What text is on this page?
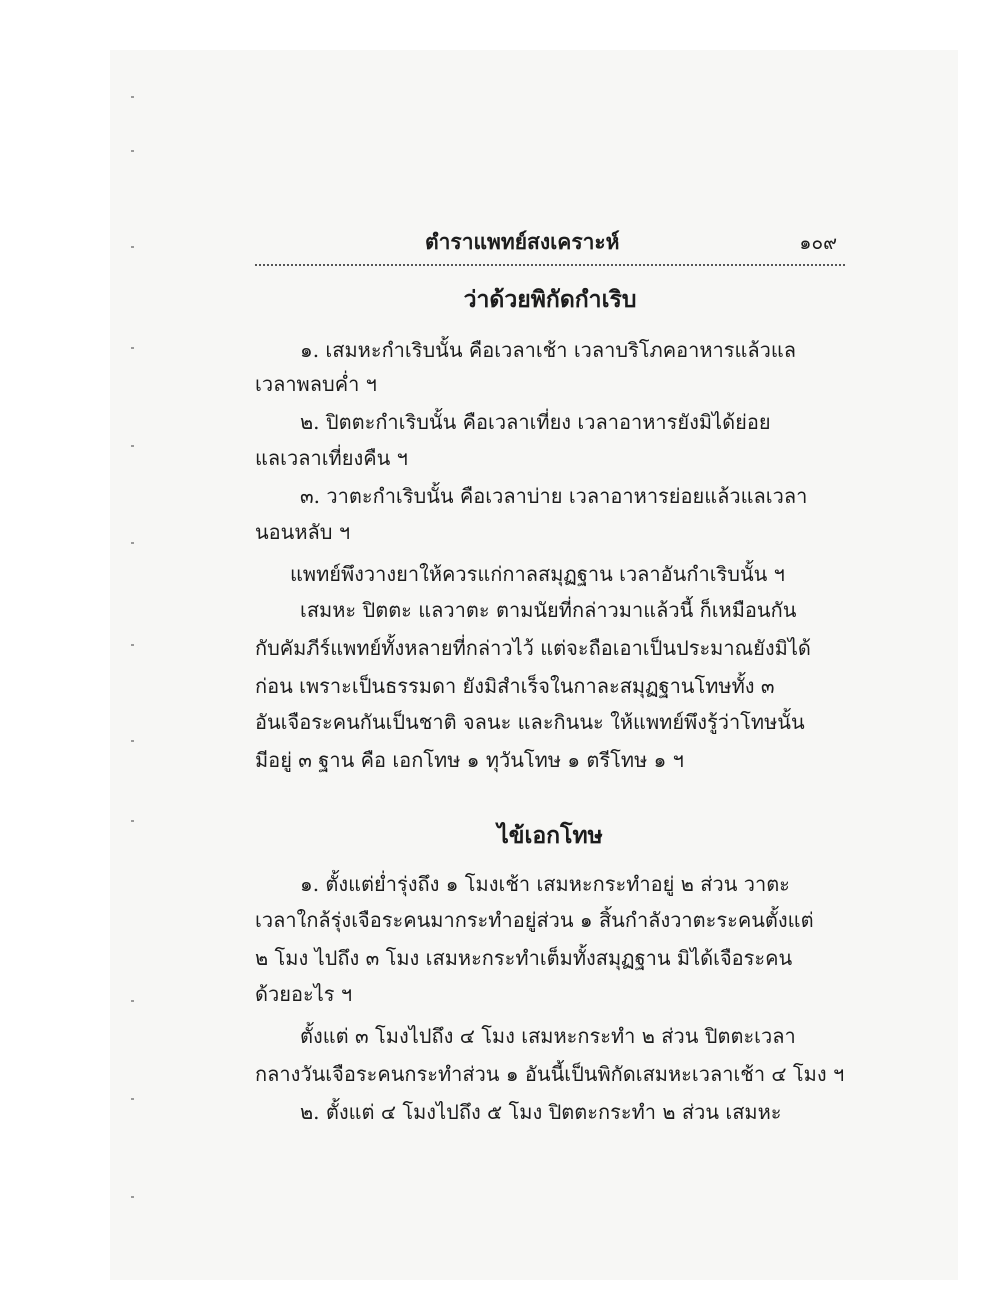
ตำราแพทย์สงเคราะห์	๑๐๙
ว่าด้วยพิกัดกำเริบ
๑. เสมหะกำเริบนั้น คือเวลาเช้า เวลาบริโภคอาหารแล้วแล
เวลาพลบค่ำ ฯ
๒. ปิตตะกำเริบนั้น คือเวลาเที่ยง เวลาอาหารยังมิได้ย่อย
แลเวลาเที่ยงคืน ฯ
๓. วาตะกำเริบนั้น คือเวลาบ่าย เวลาอาหารย่อยแล้วแลเวลา
นอนหลับ ฯ
แพทย์พึงวางยาให้ควรแก่กาลสมุฏฐาน เวลาอันกำเริบนั้น ฯ
เสมหะ ปิตตะ แลวาตะ ตามนัยที่กล่าวมาแล้วนี้ ก็เหมือนกัน
กับคัมภีร์แพทย์ทั้งหลายที่กล่าวไว้ แต่จะถือเอาเป็นประมาณยังมิได้
ก่อน เพราะเป็นธรรมดา ยังมิสำเร็จในกาละสมุฏฐานโทษทั้ง ๓
อันเจือระคนกันเป็นชาติ จลนะ และกินนะ ให้แพทย์พึงรู้ว่าโทษนั้น
มีอยู่ ๓ ฐาน คือ เอกโทษ ๑ ทุวันโทษ ๑ ตรีโทษ ๑ ฯ
ไข้เอกโทษ
๑. ตั้งแต่ย่ำรุ่งถึง ๑ โมงเช้า เสมหะกระทำอยู่ ๒ ส่วน วาตะ
เวลาใกล้รุ่งเจือระคนมากระทำอยู่ส่วน ๑ สิ้นกำลังวาตะระคนตั้งแต่
๒ โมง ไปถึง ๓ โมง เสมหะกระทำเต็มทั้งสมุฏฐาน มิได้เจือระคน
ด้วยอะไร ฯ
ตั้งแต่ ๓ โมงไปถึง ๔ โมง เสมหะกระทำ ๒ ส่วน ปิตตะเวลา
กลางวันเจือระคนกระทำส่วน ๑ อันนี้เป็นพิกัดเสมหะเวลาเช้า ๔ โมง ฯ
๒. ตั้งแต่ ๔ โมงไปถึง ๕ โมง ปิตตะกระทำ ๒ ส่วน เสมหะ
